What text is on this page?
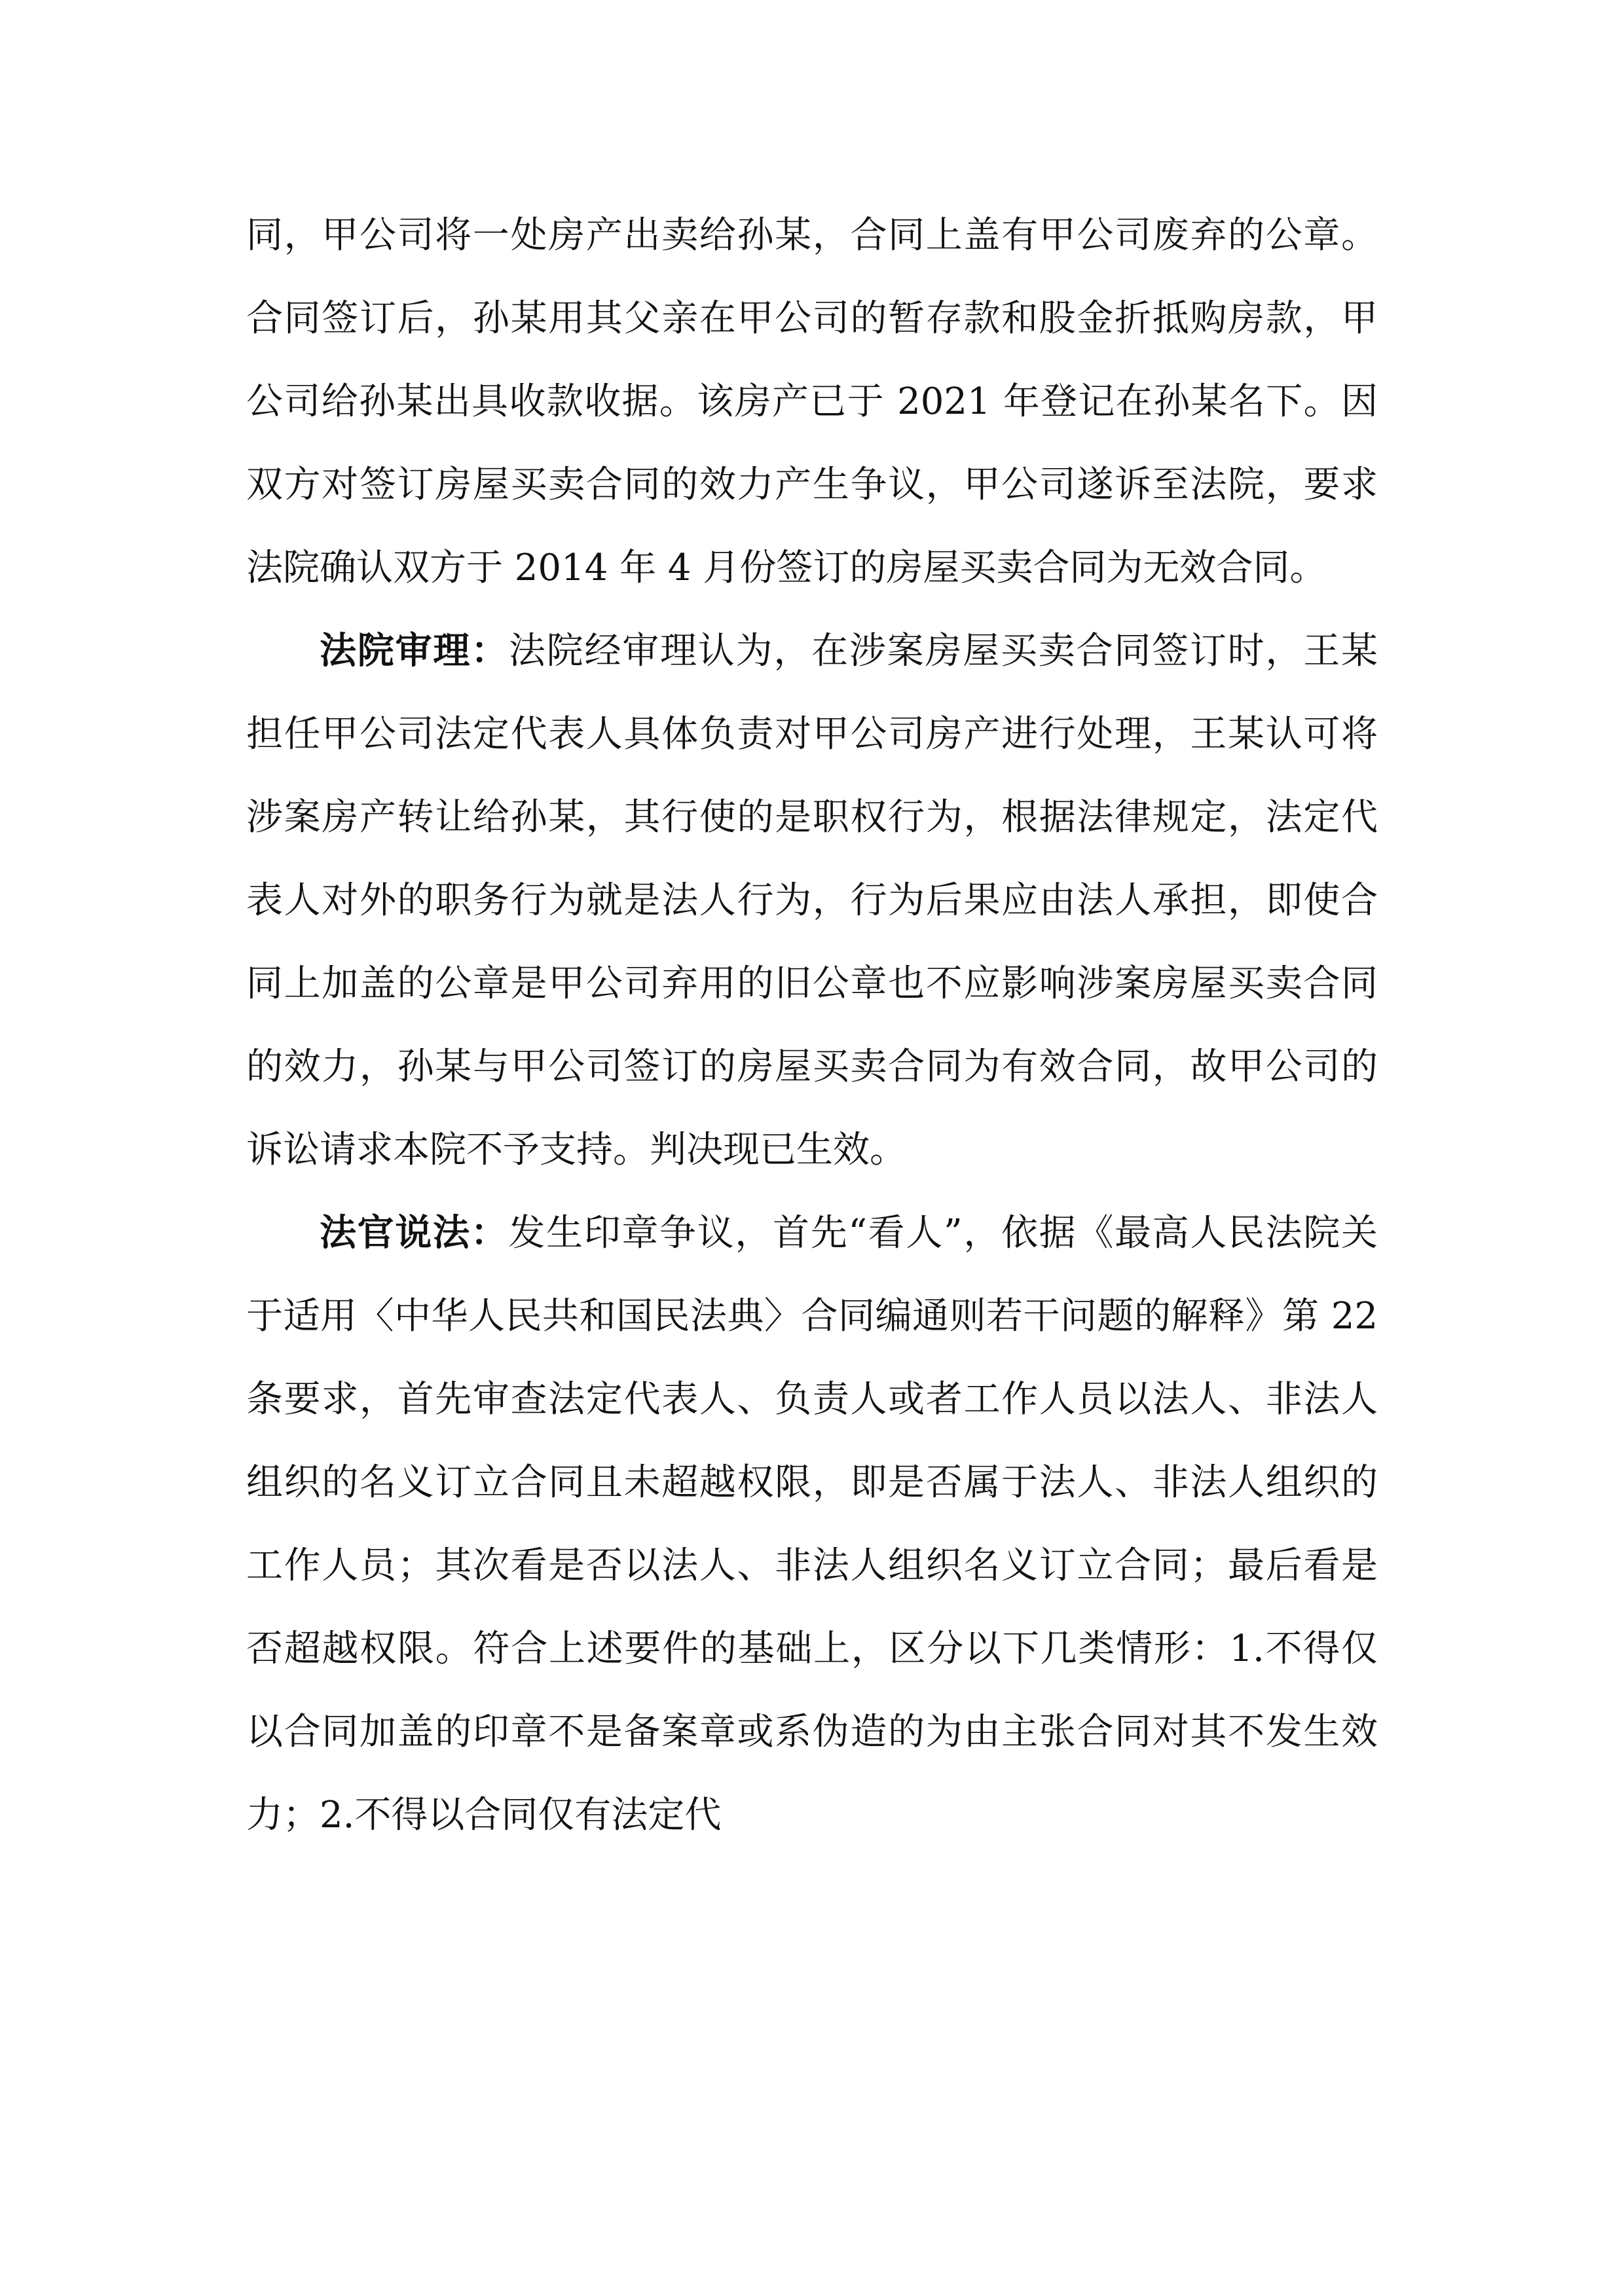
同，甲公司将一处房产出卖给孙某，合同上盖有甲公司废弃的公章。合同签订后，孙某用其父亲在甲公司的暂存款和股金折抵购房款，甲公司给孙某出具收款收据。该房产已于 2021 年登记在孙某名下。因双方对签订房屋买卖合同的效力产生争议，甲公司遂诉至法院，要求法院确认双方于 2014 年 4 月份签订的房屋买卖合同为无效合同。

法院审理：法院经审理认为，在涉案房屋买卖合同签订时，王某担任甲公司法定代表人具体负责对甲公司房产进行处理，王某认可将涉案房产转让给孙某，其行使的是职权行为，根据法律规定，法定代表人对外的职务行为就是法人行为，行为后果应由法人承担，即使合同上加盖的公章是甲公司弃用的旧公章也不应影响涉案房屋买卖合同的效力，孙某与甲公司签订的房屋买卖合同为有效合同，故甲公司的诉讼请求本院不予支持。判决现已生效。

法官说法：发生印章争议，首先“看人”，依据《最高人民法院关于适用〈中华人民共和国民法典〉合同编通则若干问题的解释》第 22 条要求，首先审查法定代表人、负责人或者工作人员以法人、非法人组织的名义订立合同且未超越权限，即是否属于法人、非法人组织的工作人员；其次看是否以法人、非法人组织名义订立合同；最后看是否超越权限。符合上述要件的基础上，区分以下几类情形：1.不得仅以合同加盖的印章不是备案章或系伪造的为由主张合同对其不发生效力；2.不得以合同仅有法定代
